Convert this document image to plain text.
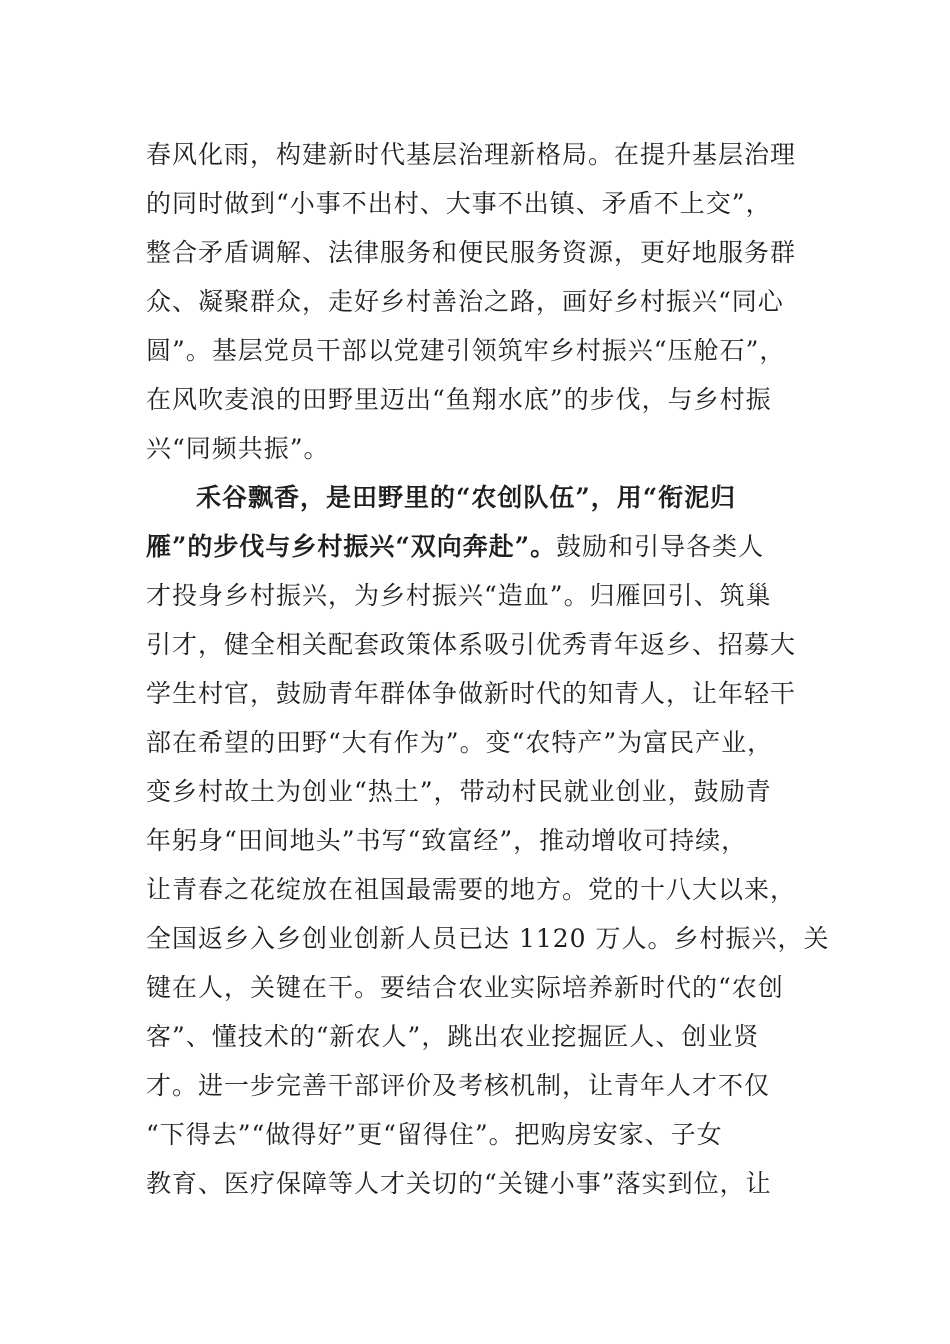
春风化雨，构建新时代基层治理新格局。在提升基层治理
的同时做到“小事不出村、大事不出镇、矛盾不上交”，
整合矛盾调解、法律服务和便民服务资源，更好地服务群
众、凝聚群众，走好乡村善治之路，画好乡村振兴“同心
圆”。基层党员干部以党建引领筑牢乡村振兴“压舱石”，
在风吹麦浪的田野里迈出“鱼翔水底”的步伐，与乡村振
兴“同频共振”。
禾谷飘香，是田野里的“农创队伍”，用“衔泥归
雁”的步伐与乡村振兴“双向奔赴”。鼓励和引导各类人
才投身乡村振兴，为乡村振兴“造血”。归雁回引、筑巢
引才，健全相关配套政策体系吸引优秀青年返乡、招募大
学生村官，鼓励青年群体争做新时代的知青人，让年轻干
部在希望的田野“大有作为”。变“农特产”为富民产业，
变乡村故土为创业“热土”，带动村民就业创业，鼓励青
年躬身“田间地头”书写“致富经”，推动增收可持续，
让青春之花绽放在祖国最需要的地方。党的十八大以来，
全国返乡入乡创业创新人员已达 1120 万人。乡村振兴，关
键在人，关键在干。要结合农业实际培养新时代的“农创
客”、懂技术的“新农人”，跳出农业挖掘匠人、创业贤
才。进一步完善干部评价及考核机制，让青年人才不仅
“下得去”“做得好”更“留得住”。把购房安家、子女
教育、医疗保障等人才关切的“关键小事”落实到位，让
